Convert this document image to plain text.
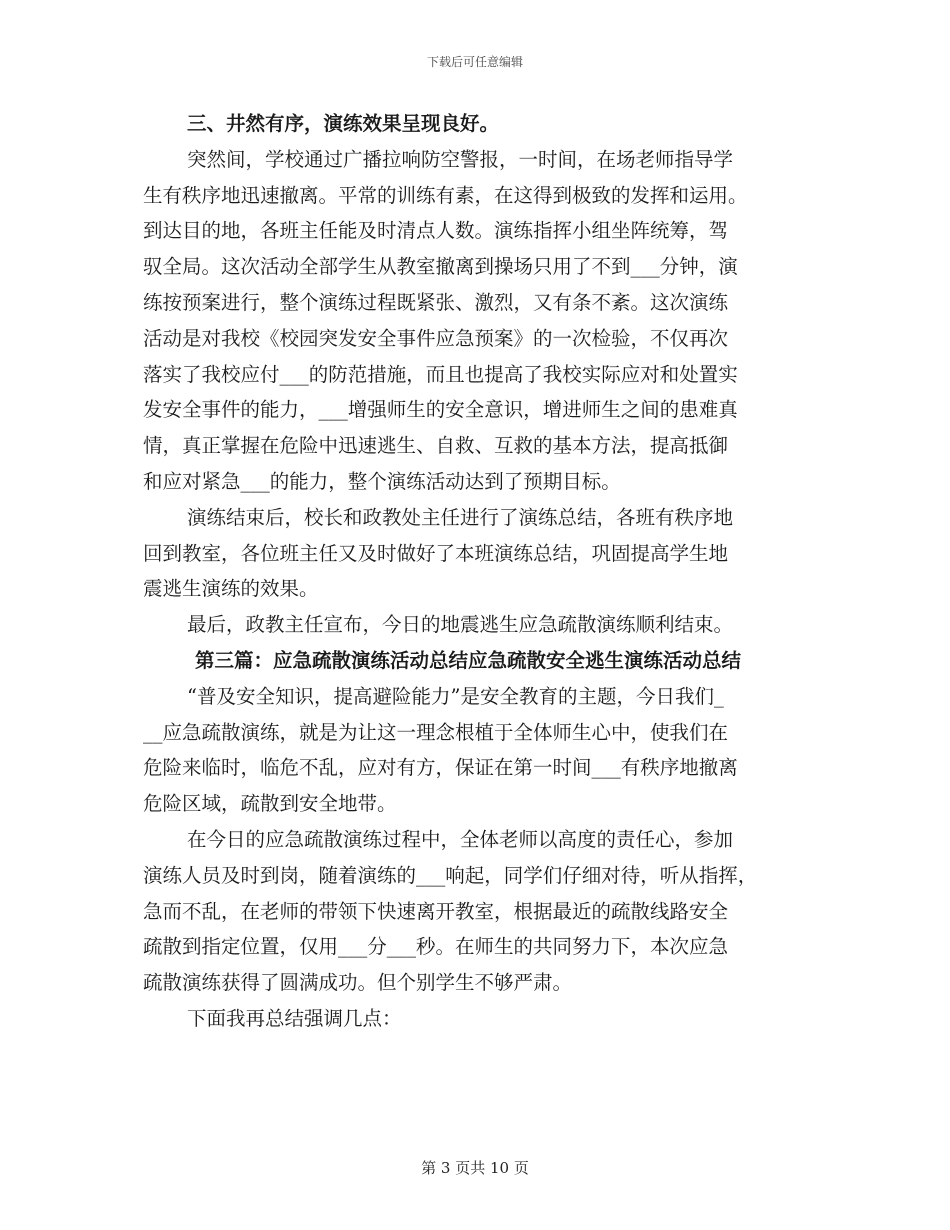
下载后可任意编辑
三、井然有序，演练效果呈现良好。
突然间，学校通过广播拉响防空警报，一时间，在场老师指导学
生有秩序地迅速撤离。平常的训练有素，在这得到极致的发挥和运用。
到达目的地，各班主任能及时清点人数。演练指挥小组坐阵统筹，驾
驭全局。这次活动全部学生从教室撤离到操场只用了不到___分钟，演
练按预案进行，整个演练过程既紧张、激烈，又有条不紊。这次演练
活动是对我校《校园突发安全事件应急预案》的一次检验，不仅再次
落实了我校应付___的防范措施，而且也提高了我校实际应对和处置实
发安全事件的能力，___增强师生的安全意识，增进师生之间的患难真
情，真正掌握在危险中迅速逃生、自救、互救的基本方法，提高抵御
和应对紧急___的能力，整个演练活动达到了预期目标。
演练结束后，校长和政教处主任进行了演练总结，各班有秩序地
回到教室，各位班主任又及时做好了本班演练总结，巩固提高学生地
震逃生演练的效果。
最后，政教主任宣布，今日的地震逃生应急疏散演练顺利结束。
第三篇：应急疏散演练活动总结应急疏散安全逃生演练活动总结
“普及安全知识，提高避险能力”是安全教育的主题，今日我们_
__应急疏散演练，就是为让这一理念根植于全体师生心中，使我们在
危险来临时，临危不乱，应对有方，保证在第一时间___有秩序地撤离
危险区域，疏散到安全地带。
在今日的应急疏散演练过程中，全体老师以高度的责任心，参加
演练人员及时到岗，随着演练的___响起，同学们仔细对待，听从指挥，
急而不乱，在老师的带领下快速离开教室，根据最近的疏散线路安全
疏散到指定位置，仅用___分___秒。在师生的共同努力下，本次应急
疏散演练获得了圆满成功。但个别学生不够严肃。
下面我再总结强调几点：
第 3 页共 10 页
